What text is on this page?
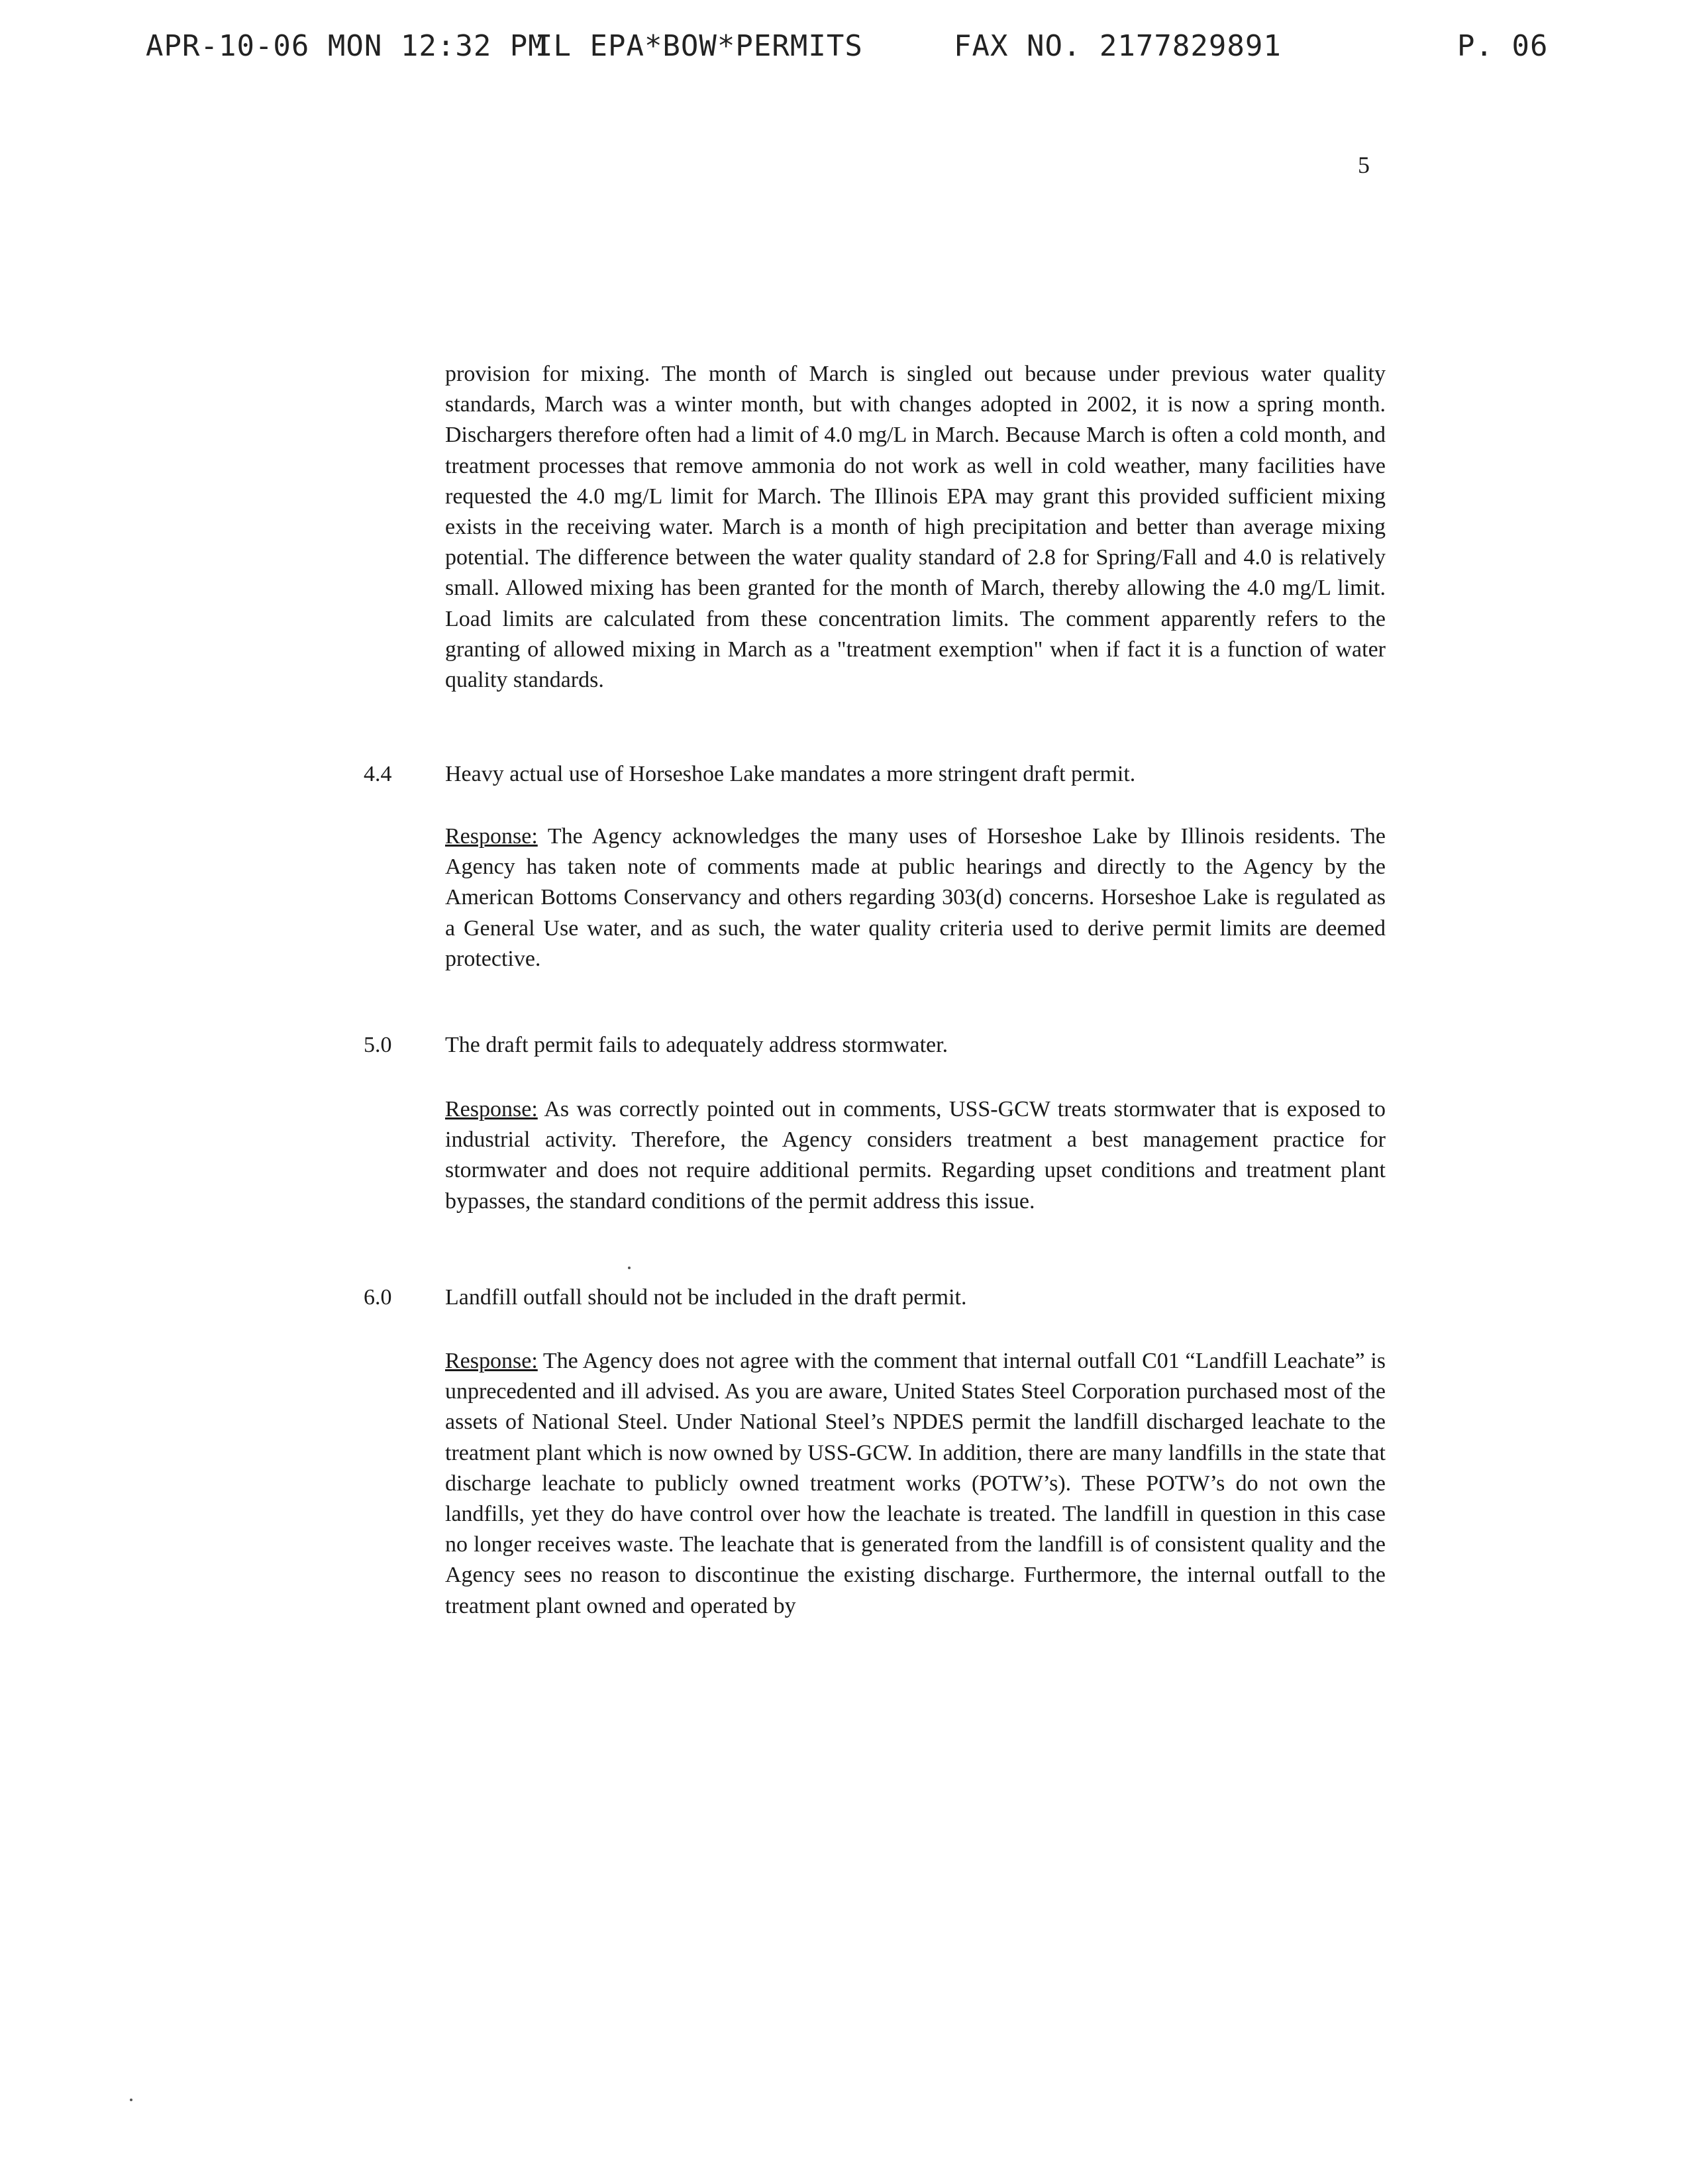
APR-10-06 MON 12:32 PM
IL EPA*BOW*PERMITS	FAX NO. 2177829891	P. 06
5
provision for mixing. The month of March is singled out because under previous water quality standards, March was a winter month, but with changes adopted in 2002, it is now a spring month. Dischargers therefore often had a limit of 4.0 mg/L in March. Because March is often a cold month, and treatment processes that remove ammonia do not work as well in cold weather, many facilities have requested the 4.0 mg/L limit for March. The Illinois EPA may grant this provided sufficient mixing exists in the receiving water. March is a month of high precipitation and better than average mixing potential. The difference between the water quality standard of 2.8 for Spring/Fall and 4.0 is relatively small. Allowed mixing has been granted for the month of March, thereby allowing the 4.0 mg/L limit. Load limits are calculated from these concentration limits. The comment apparently refers to the granting of allowed mixing in March as a "treatment exemption" when if fact it is a function of water quality standards.
4.4 Heavy actual use of Horseshoe Lake mandates a more stringent draft permit.
Response: The Agency acknowledges the many uses of Horseshoe Lake by Illinois residents. The Agency has taken note of comments made at public hearings and directly to the Agency by the American Bottoms Conservancy and others regarding 303(d) concerns. Horseshoe Lake is regulated as a General Use water, and as such, the water quality criteria used to derive permit limits are deemed protective.
5.0 The draft permit fails to adequately address stormwater.
Response: As was correctly pointed out in comments, USS-GCW treats stormwater that is exposed to industrial activity. Therefore, the Agency considers treatment a best management practice for stormwater and does not require additional permits. Regarding upset conditions and treatment plant bypasses, the standard conditions of the permit address this issue.
6.0 Landfill outfall should not be included in the draft permit.
Response: The Agency does not agree with the comment that internal outfall C01 “Landfill Leachate” is unprecedented and ill advised. As you are aware, United States Steel Corporation purchased most of the assets of National Steel. Under National Steel’s NPDES permit the landfill discharged leachate to the treatment plant which is now owned by USS-GCW. In addition, there are many landfills in the state that discharge leachate to publicly owned treatment works (POTW’s). These POTW’s do not own the landfills, yet they do have control over how the leachate is treated. The landfill in question in this case no longer receives waste. The leachate that is generated from the landfill is of consistent quality and the Agency sees no reason to discontinue the existing discharge. Furthermore, the internal outfall to the treatment plant owned and operated by
